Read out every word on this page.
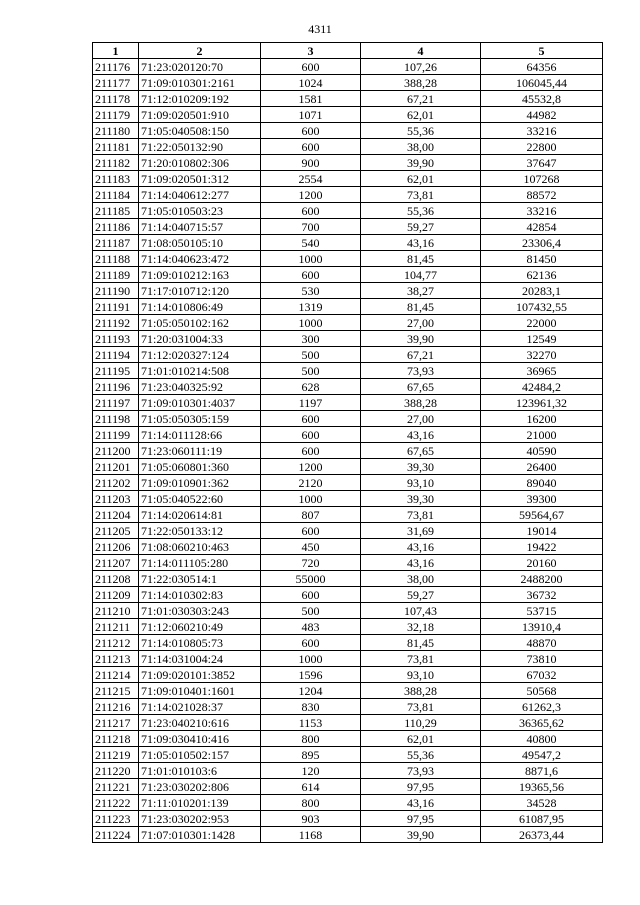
4311
1	2	3	4	5
211176	71:23:020120:70	600	107,26	64356
211177	71:09:010301:2161	1024	388,28	106045,44
211178	71:12:010209:192	1581	67,21	45532,8
211179	71:09:020501:910	1071	62,01	44982
211180	71:05:040508:150	600	55,36	33216
211181	71:22:050132:90	600	38,00	22800
211182	71:20:010802:306	900	39,90	37647
211183	71:09:020501:312	2554	62,01	107268
211184	71:14:040612:277	1200	73,81	88572
211185	71:05:010503:23	600	55,36	33216
211186	71:14:040715:57	700	59,27	42854
211187	71:08:050105:10	540	43,16	23306,4
211188	71:14:040623:472	1000	81,45	81450
211189	71:09:010212:163	600	104,77	62136
211190	71:17:010712:120	530	38,27	20283,1
211191	71:14:010806:49	1319	81,45	107432,55
211192	71:05:050102:162	1000	27,00	22000
211193	71:20:031004:33	300	39,90	12549
211194	71:12:020327:124	500	67,21	32270
211195	71:01:010214:508	500	73,93	36965
211196	71:23:040325:92	628	67,65	42484,2
211197	71:09:010301:4037	1197	388,28	123961,32
211198	71:05:050305:159	600	27,00	16200
211199	71:14:011128:66	600	43,16	21000
211200	71:23:060111:19	600	67,65	40590
211201	71:05:060801:360	1200	39,30	26400
211202	71:09:010901:362	2120	93,10	89040
211203	71:05:040522:60	1000	39,30	39300
211204	71:14:020614:81	807	73,81	59564,67
211205	71:22:050133:12	600	31,69	19014
211206	71:08:060210:463	450	43,16	19422
211207	71:14:011105:280	720	43,16	20160
211208	71:22:030514:1	55000	38,00	2488200
211209	71:14:010302:83	600	59,27	36732
211210	71:01:030303:243	500	107,43	53715
211211	71:12:060210:49	483	32,18	13910,4
211212	71:14:010805:73	600	81,45	48870
211213	71:14:031004:24	1000	73,81	73810
211214	71:09:020101:3852	1596	93,10	67032
211215	71:09:010401:1601	1204	388,28	50568
211216	71:14:021028:37	830	73,81	61262,3
211217	71:23:040210:616	1153	110,29	36365,62
211218	71:09:030410:416	800	62,01	40800
211219	71:05:010502:157	895	55,36	49547,2
211220	71:01:010103:6	120	73,93	8871,6
211221	71:23:030202:806	614	97,95	19365,56
211222	71:11:010201:139	800	43,16	34528
211223	71:23:030202:953	903	97,95	61087,95
211224	71:07:010301:1428	1168	39,90	26373,44
